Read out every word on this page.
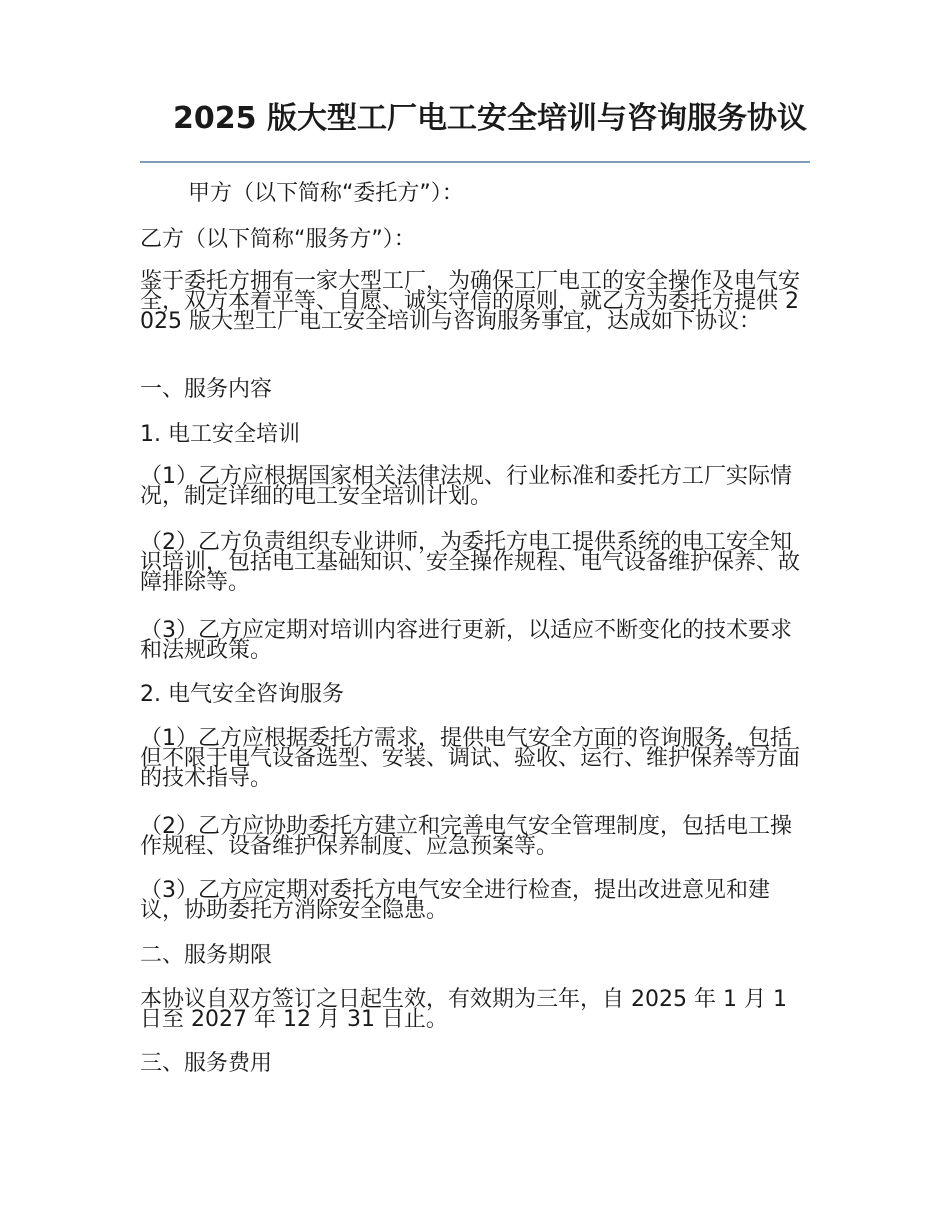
2025 版大型工厂电工安全培训与咨询服务协议

甲方（以下简称“委托方”）：

乙方（以下简称“服务方”）：

鉴于委托方拥有一家大型工厂，为确保工厂电工的安全操作及电气安全，双方本着平等、自愿、诚实守信的原则，就乙方为委托方提供 2025 版大型工厂电工安全培训与咨询服务事宜，达成如下协议：

一、服务内容

1. 电工安全培训

（1）乙方应根据国家相关法律法规、行业标准和委托方工厂实际情况，制定详细的电工安全培训计划。

（2）乙方负责组织专业讲师，为委托方电工提供系统的电工安全知识培训，包括电工基础知识、安全操作规程、电气设备维护保养、故障排除等。

（3）乙方应定期对培训内容进行更新，以适应不断变化的技术要求和法规政策。

2. 电气安全咨询服务

（1）乙方应根据委托方需求，提供电气安全方面的咨询服务，包括但不限于电气设备选型、安装、调试、验收、运行、维护保养等方面的技术指导。

（2）乙方应协助委托方建立和完善电气安全管理制度，包括电工操作规程、设备维护保养制度、应急预案等。

（3）乙方应定期对委托方电气安全进行检查，提出改进意见和建议，协助委托方消除安全隐患。

二、服务期限

本协议自双方签订之日起生效，有效期为三年，自 2025 年 1 月 1 日至 2027 年 12 月 31 日止。

三、服务费用
